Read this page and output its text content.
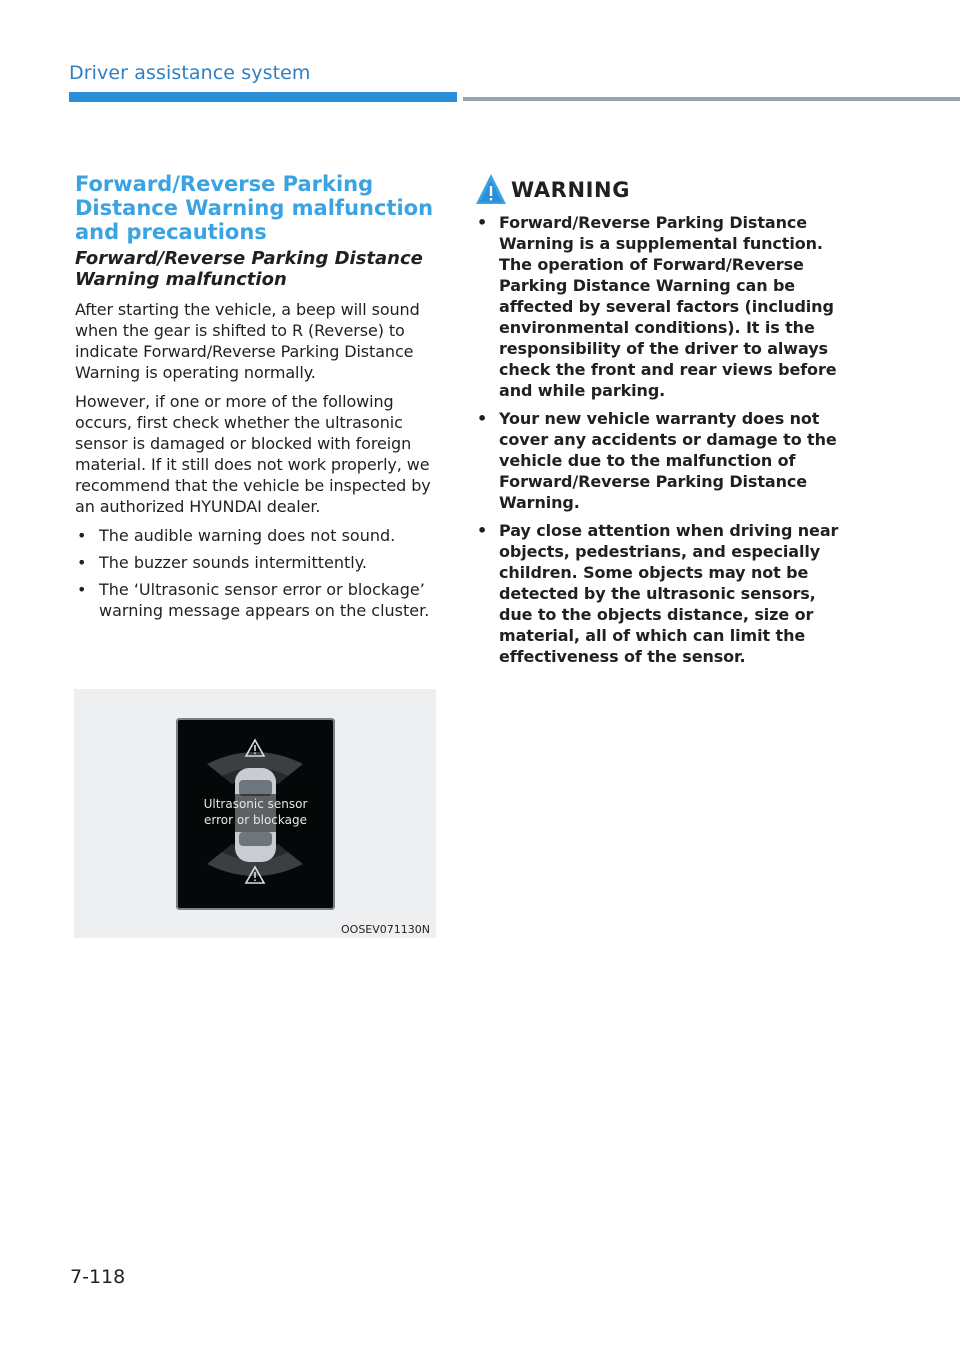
Driver assistance system
Forward/Reverse Parking Distance Warning malfunction and precautions
Forward/Reverse Parking Distance Warning malfunction

After starting the vehicle, a beep will sound when the gear is shifted to R (Reverse) to indicate Forward/Reverse Parking Distance Warning is operating normally.

However, if one or more of the following occurs, first check whether the ultrasonic sensor is damaged or blocked with foreign material. If it still does not work properly, we recommend that the vehicle be inspected by an authorized HYUNDAI dealer.

• The audible warning does not sound.
• The buzzer sounds intermittently.
• The ‘Ultrasonic sensor error or blockage’ warning message appears on the cluster.
Ultrasonic sensor
error or blockage
OOSEV071130N
WARNING
• Forward/Reverse Parking Distance Warning is a supplemental function. The operation of Forward/Reverse Parking Distance Warning can be affected by several factors (including environmental conditions). It is the responsibility of the driver to always check the front and rear views before and while parking.
• Your new vehicle warranty does not cover any accidents or damage to the vehicle due to the malfunction of Forward/Reverse Parking Distance Warning.
• Pay close attention when driving near objects, pedestrians, and especially children. Some objects may not be detected by the ultrasonic sensors, due to the objects distance, size or material, all of which can limit the effectiveness of the sensor.
7-118
